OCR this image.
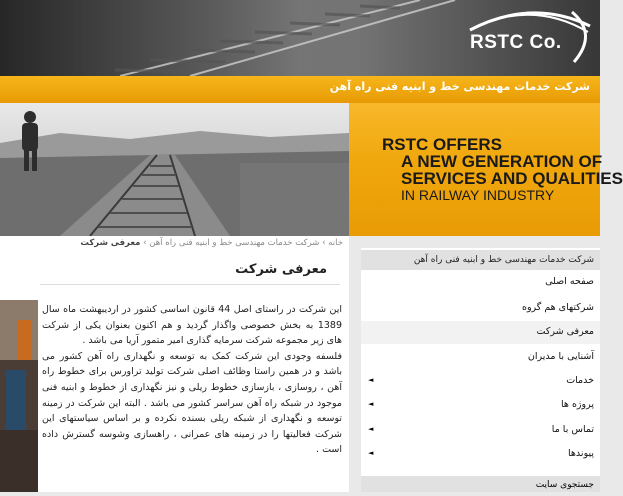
RSTC Co.
شرکت خدمات مهندسی خط و ابنیه فنی راه آهن
RSTC OFFERS
A NEW GENERATION OF
SERVICES AND QUALITIES
IN RAILWAY INDUSTRY
خانه › شرکت خدمات مهندسی خط و ابنیه فنی راه آهن › معرفی شرکت
معرفی شرکت

این شرکت در راستای اصل 44 قانون اساسی کشور در اردیبهشت ماه سال 1389 به بخش خصوصی واگذار گردید و هم اکنون بعنوان یکی از شرکت های زیر مجموعه شرکت سرمایه گذاری امیر متمور آریا می باشد .

فلسفه وجودی این شرکت کمک به توسعه و نگهداری راه آهن کشور می باشد و در همین راستا وظائف اصلی شرکت تولید تراورس برای خطوط راه آهن ، روسازی ، بازسازی خطوط ریلی و نیز نگهداری از خطوط و ابنیه فنی موجود در شبکه راه آهن سراسر کشور می باشد . البته این شرکت در زمینه توسعه و نگهداری از شبکه ریلی بسنده نکرده و بر اساس سیاستهای این شرکت فعالیتها را در زمینه های عمرانی ، راهسازی وشوسه گسترش داده است .

شرکت خدمات مهندسی خط و ابنیه فنی راه آهن
صفحه اصلی
شرکتهای هم گروه
معرفی شرکت
آشنایی با مدیران
◄	خدمات
◄	پروژه ها
◄	تماس با ما
◄	پیوندها
جستجوی سایت
